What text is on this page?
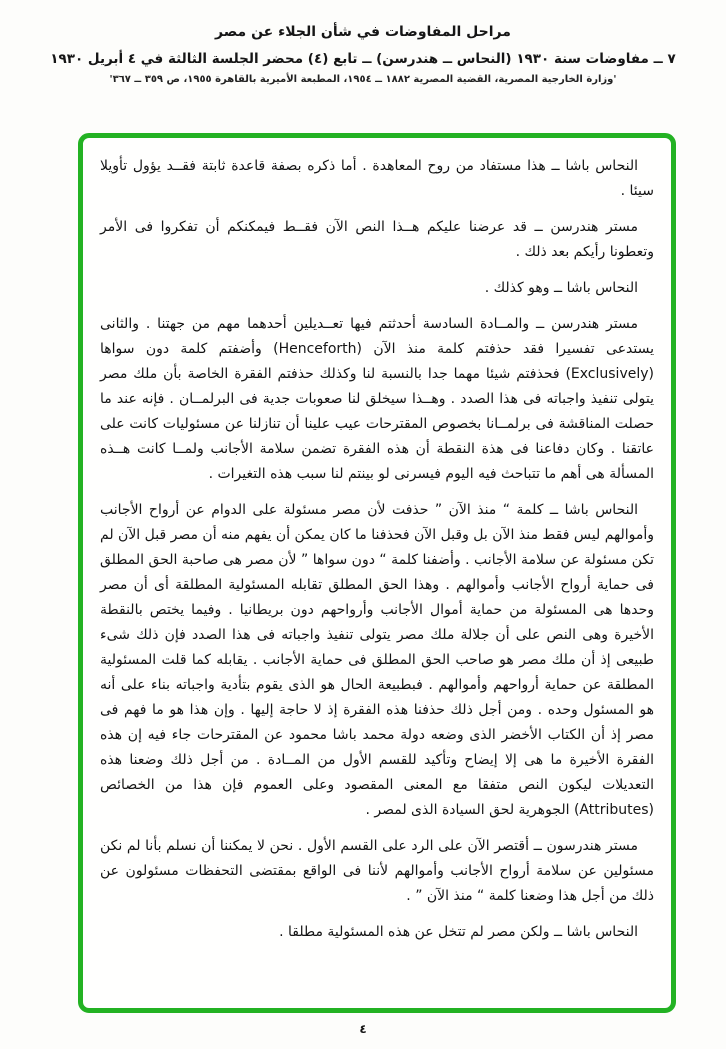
مراحل المفاوضات في شأن الجلاء عن مصر
٧ ــ مفاوضات سنة ١٩٣٠ (النحاس ــ هندرسن) ــ تابع (٤) محضر الجلسة الثالثة في ٤ أبريل ١٩٣٠
'وزارة الخارجية المصرية، القضية المصرية ١٨٨٢ ــ ١٩٥٤، المطبعة الأميرية بالقاهرة ١٩٥٥، ص ٣٥٩ ــ ٣٦٧'

النحاس باشا ــ هذا مستفاد من روح المعاهدة . أما ذكره بصفة قاعدة ثابتة فقــد يؤول تأويلا سيئا .

مستر هندرسن ــ قد عرضنا عليكم هــذا النص الآن فقــط فيمكنكم أن تفكروا فى الأمر وتعطونا رأيكم بعد ذلك .

النحاس باشا ــ وهو كذلك .

مستر هندرسن ــ والمــادة السادسة أحدثتم فيها تعــديلين أحدهما مهم من جهتنا . والثانى يستدعى تفسيرا فقد حذفتم كلمة منذ الآن (Henceforth) وأضفتم كلمة دون سواها (Exclusively) فحذفتم شيئا مهما جدا بالنسبة لنا وكذلك حذفتم الفقرة الخاصة بأن ملك مصر يتولى تنفيذ واجباته فى هذا الصدد . وهــذا سيخلق لنا صعوبات جدية فى البرلمــان . فإنه عند ما حصلت المناقشة فى برلمــانا بخصوص المقترحات عيب علينا أن تنازلنا عن مسئوليات كانت على عاتقنا . وكان دفاعنا فى هذة النقطة أن هذه الفقرة تضمن سلامة الأجانب ولمــا كانت هــذه المسألة هى أهم ما تتباحث فيه اليوم فيسرنى لو بينتم لنا سبب هذه التغيرات .

النحاس باشا ــ كلمة “ منذ الآن ” حذفت لأن مصر مسئولة على الدوام عن أرواح الأجانب وأموالهم ليس فقط منذ الآن بل وقبل الآن فحذفنا ما كان يمكن أن يفهم منه أن مصر قبل الآن لم تكن مسئولة عن سلامة الأجانب . وأضفنا كلمة “ دون سواها ” لأن مصر هى صاحبة الحق المطلق فى حماية أرواح الأجانب وأموالهم . وهذا الحق المطلق تقابله المسئولية المطلقة أى أن مصر وحدها هى المسئولة من حماية أموال الأجانب وأرواحهم دون بريطانيا . وفيما يختص بالنقطة الأخيرة وهى النص على أن جلالة ملك مصر يتولى تنفيذ واجباته فى هذا الصدد فإن ذلك شىء طبيعى إذ أن ملك مصر هو صاحب الحق المطلق فى حماية الأجانب . يقابله كما قلت المسئولية المطلقة عن حماية أرواحهم وأموالهم . فبطبيعة الحال هو الذى يقوم بتأدية واجباته بناء على أنه هو المسئول وحده . ومن أجل ذلك حذفنا هذه الفقرة إذ لا حاجة إليها . وإن هذا هو ما فهم فى مصر إذ أن الكتاب الأخضر الذى وضعه دولة محمد باشا محمود عن المقترحات جاء فيه إن هذه الفقرة الأخيرة ما هى إلا إيضاح وتأكيد للقسم الأول من المــادة . من أجل ذلك وضعنا هذه التعديلات ليكون النص متفقا مع المعنى المقصود وعلى العموم فإن هذا من الخصائص (Attributes) الجوهرية لحق السيادة الذى لمصر .

مستر هندرسون ــ أقتصر الآن على الرد على القسم الأول . نحن لا يمكننا أن نسلم بأنا لم نكن مسئولين عن سلامة أرواح الأجانب وأموالهم لأننا فى الواقع بمقتضى التحفظات مسئولون عن ذلك من أجل هذا وضعنا كلمة “ منذ الآن ” .

النحاس باشا ــ ولكن مصر لم تتخل عن هذه المسئولية مطلقا .

٤
